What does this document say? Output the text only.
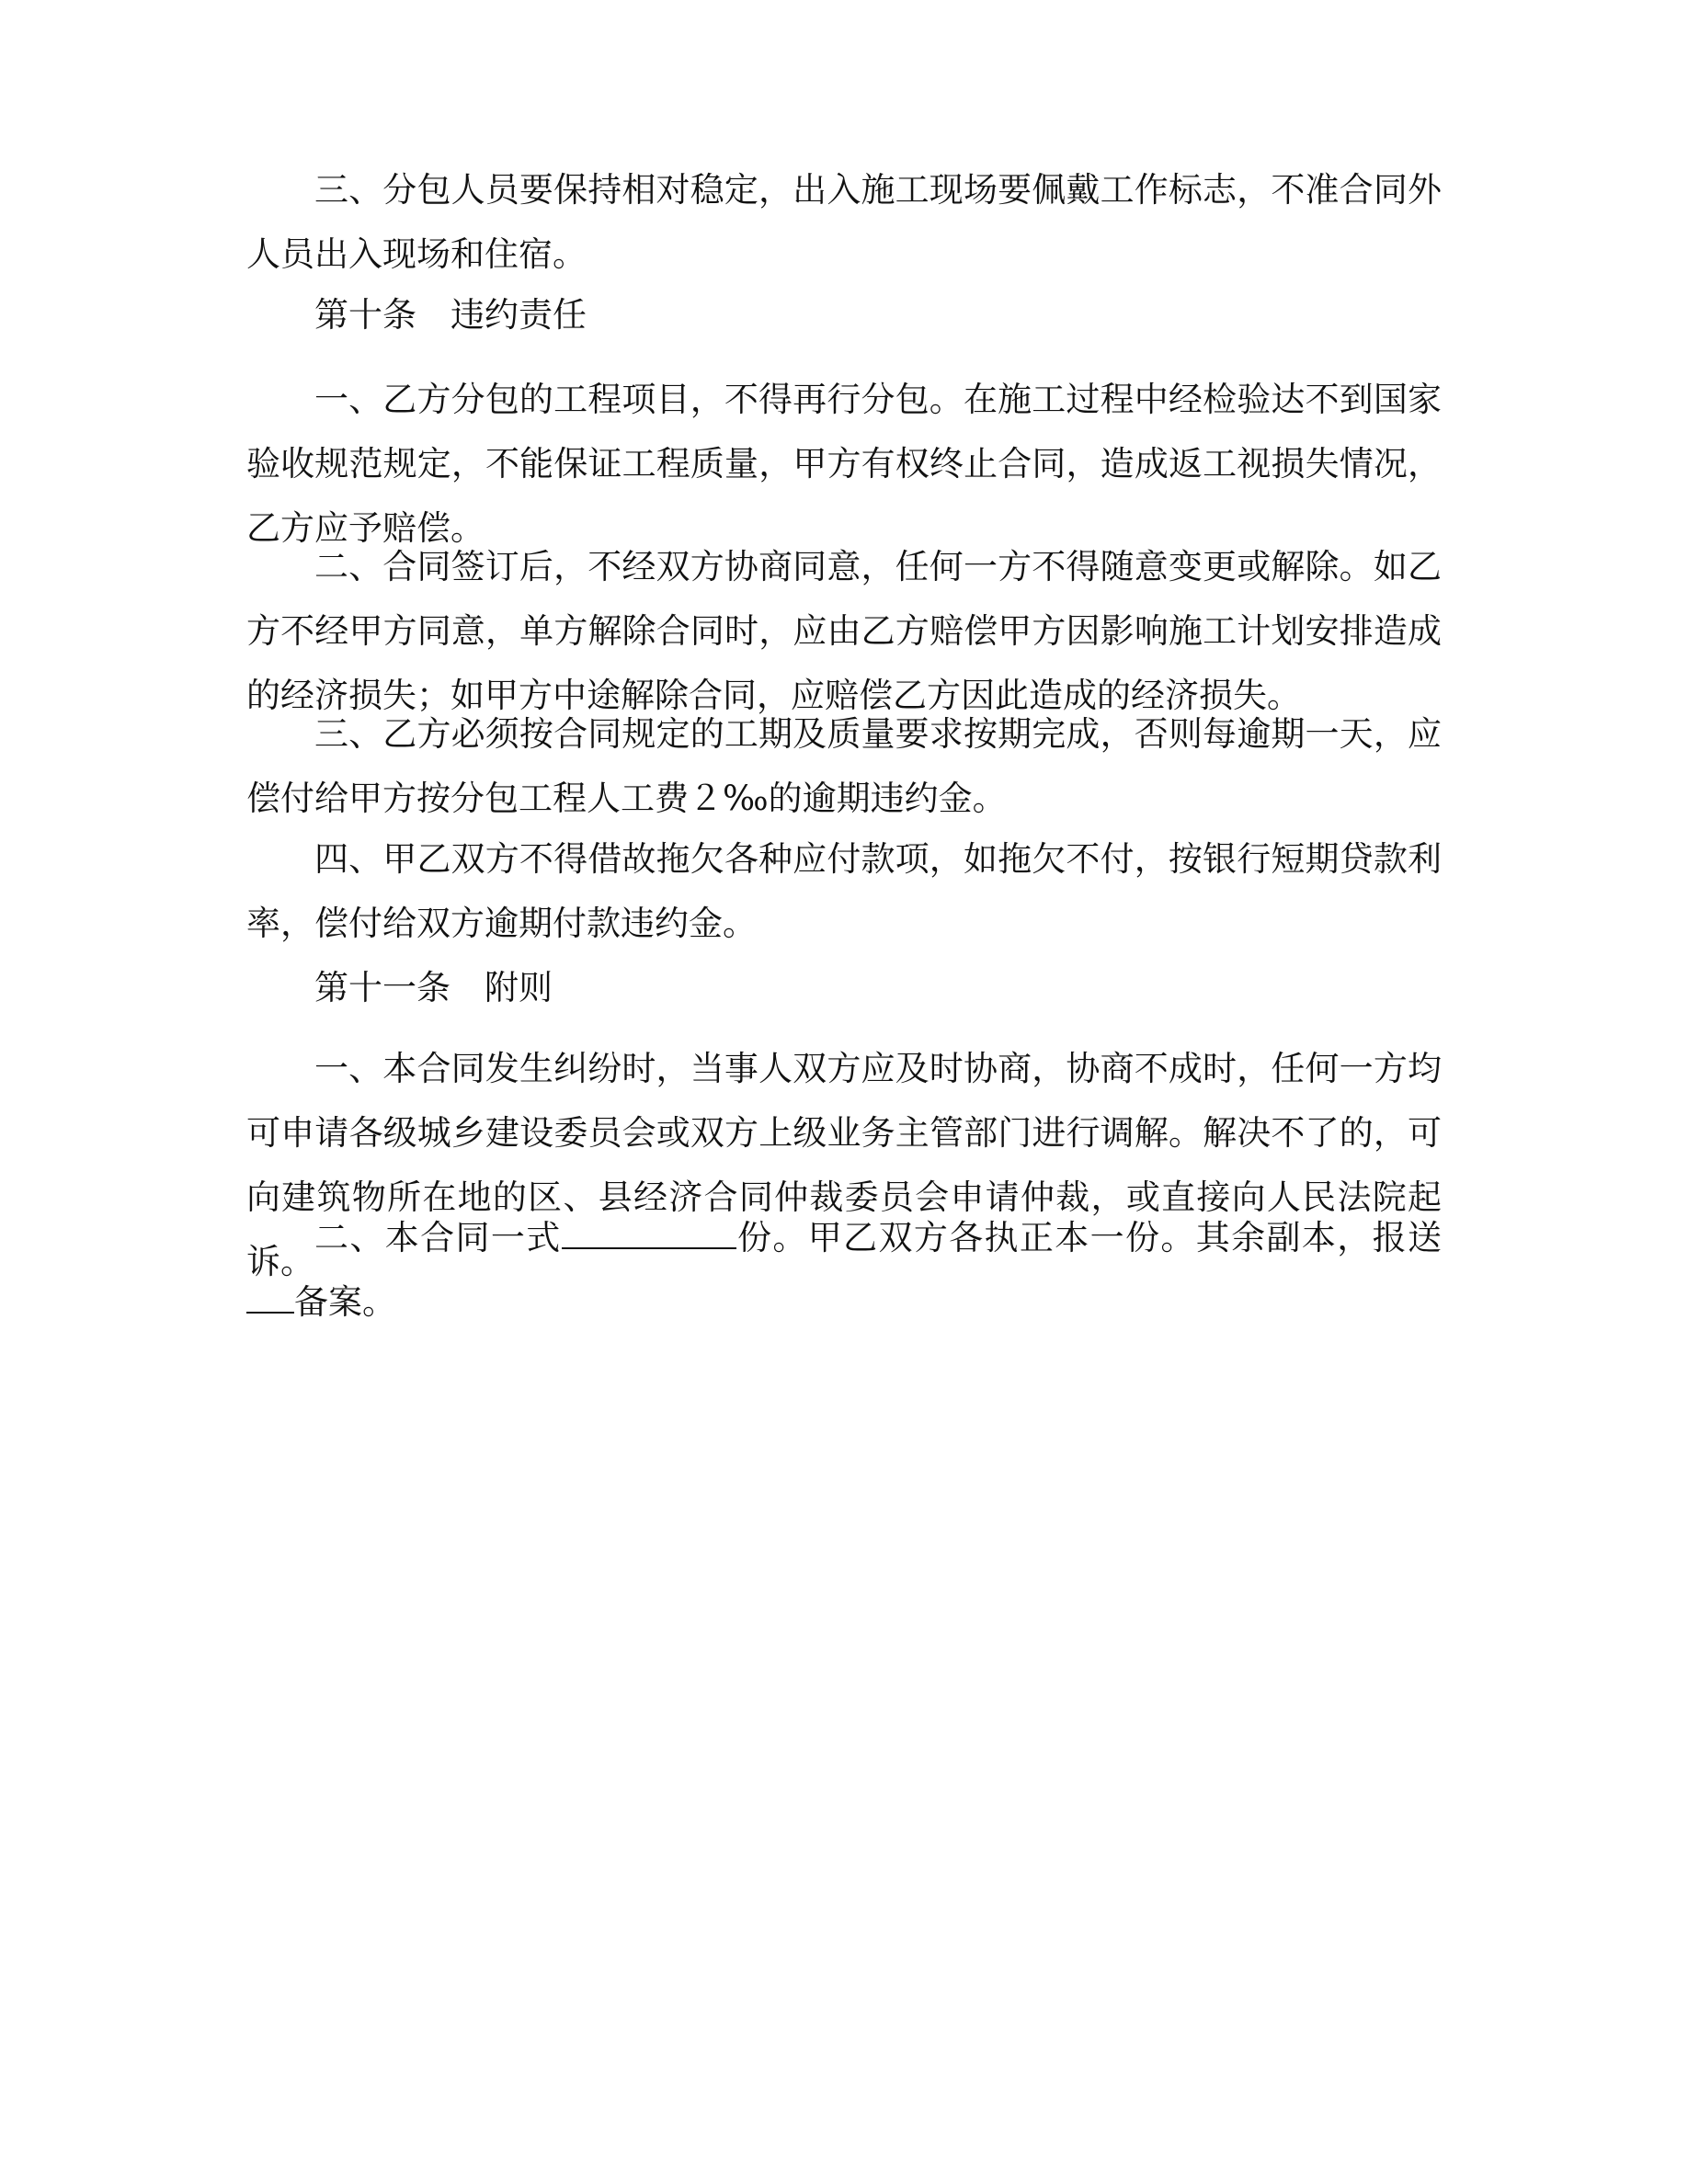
三、分包人员要保持相对稳定，出入施工现场要佩戴工作标志，不准合同外人员出入现场和住宿。

第十条　违约责任

一、乙方分包的工程项目，不得再行分包。在施工过程中经检验达不到国家验收规范规定，不能保证工程质量，甲方有权终止合同，造成返工视损失情况，乙方应予赔偿。

二、合同签订后，不经双方协商同意，任何一方不得随意变更或解除。如乙方不经甲方同意，单方解除合同时，应由乙方赔偿甲方因影响施工计划安排造成的经济损失；如甲方中途解除合同，应赔偿乙方因此造成的经济损失。

三、乙方必须按合同规定的工期及质量要求按期完成，否则每逾期一天，应偿付给甲方按分包工程人工费２‰的逾期违约金。

四、甲乙双方不得借故拖欠各种应付款项，如拖欠不付，按银行短期贷款利率，偿付给双方逾期付款违约金。

第十一条　附则

一、本合同发生纠纷时，当事人双方应及时协商，协商不成时，任何一方均可申请各级城乡建设委员会或双方上级业务主管部门进行调解。解决不了的，可向建筑物所在地的区、县经济合同仲裁委员会申请仲裁，或直接向人民法院起诉。

二、本合同一式	份。甲乙双方各执正本一份。其余副本，报送备案。
